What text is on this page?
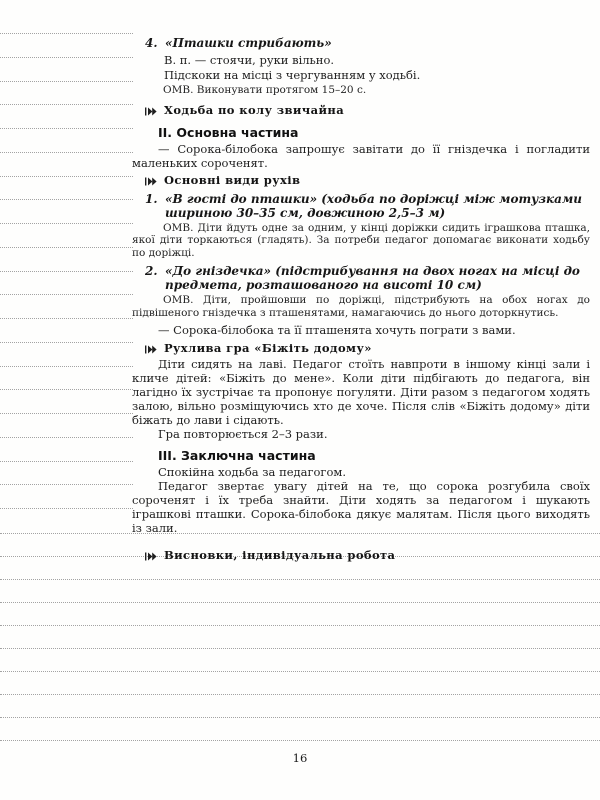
4. «Пташки стрибають»
В. п. — стоячи, руки вільно.
Підскоки на місці з чергуванням у ходьбі.
ОМВ. Виконувати протягом 15–20 с.
Ходьба по колу звичайна
II. Основна частина
— Сорока-білобока запрошує завітати до її гніздечка і погладити маленьких сороченят.
Основні види рухів
1. «В гості до пташки» (ходьба по доріжці між мотузками шириною 30–35 см, довжиною 2,5–3 м)
ОМВ. Діти йдуть одне за одним, у кінці доріжки сидить іграшкова пташка, якої діти торкаються (гладять). За потреби педагог допомагає виконати ходьбу по доріжці.
2. «До гніздечка» (підстрибування на двох ногах на місці до предмета, розташованого на висоті 10 см)
ОМВ. Діти, пройшовши по доріжці, підстрибують на обох ногах до підвішеного гніздечка з пташенятами, намагаючись до нього доторкнутись.
— Сорока-білобока та її пташенята хочуть пограти з вами.
Рухлива гра «Біжіть додому»
Діти сидять на лаві. Педагог стоїть навпроти в іншому кінці зали і кличе дітей: «Біжіть до мене». Коли діти підбігають до педагога, він лагідно їх зустрічає та пропонує погуляти. Діти разом з педагогом ходять залою, вільно розміщуючись хто де хоче. Після слів «Біжіть додому» діти біжать до лави і сідають.
Гра повторюється 2–3 рази.
III. Заключна частина
Спокійна ходьба за педагогом.
Педагог звертає увагу дітей на те, що сорока розгубила своїх сороченят і їх треба знайти. Діти ходять за педагогом і шукають іграшкові пташки. Сорока-білобока дякує малятам. Після цього виходять із зали.
Висновки, індивідуальна робота
16
